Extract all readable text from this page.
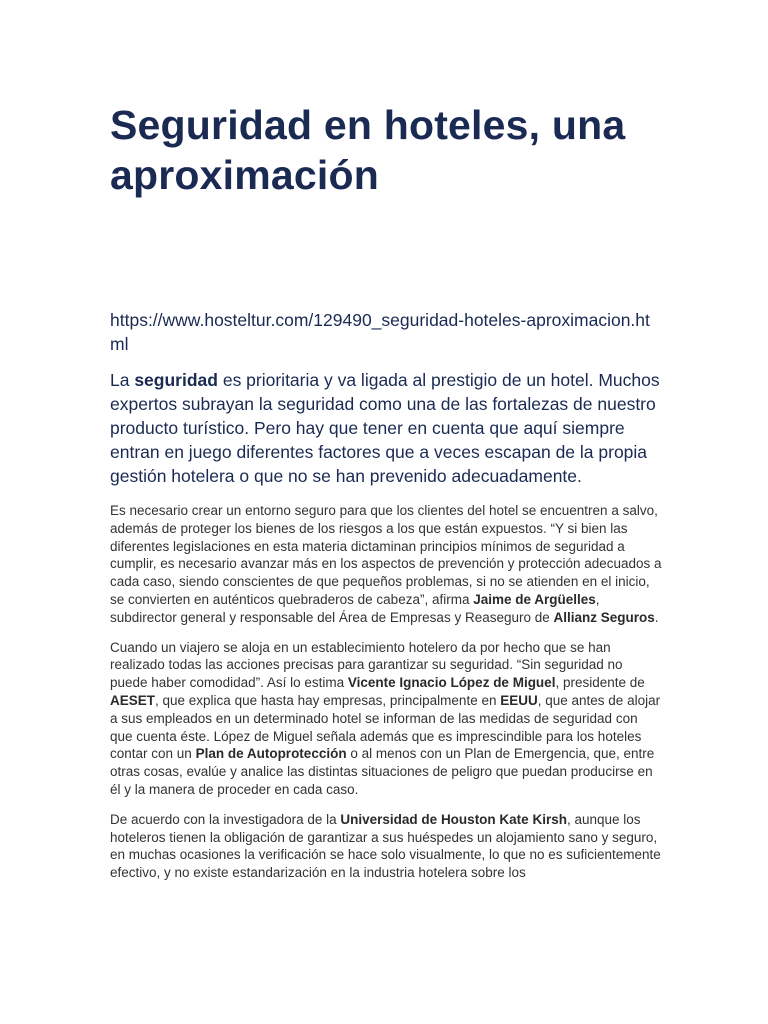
Seguridad en hoteles, una aproximación
https://www.hosteltur.com/129490_seguridad-hoteles-aproximacion.html

La seguridad es prioritaria y va ligada al prestigio de un hotel. Muchos expertos subrayan la seguridad como una de las fortalezas de nuestro producto turístico. Pero hay que tener en cuenta que aquí siempre entran en juego diferentes factores que a veces escapan de la propia gestión hotelera o que no se han prevenido adecuadamente.

Es necesario crear un entorno seguro para que los clientes del hotel se encuentren a salvo, además de proteger los bienes de los riesgos a los que están expuestos. “Y si bien las diferentes legislaciones en esta materia dictaminan principios mínimos de seguridad a cumplir, es necesario avanzar más en los aspectos de prevención y protección adecuados a cada caso, siendo conscientes de que pequeños problemas, si no se atienden en el inicio, se convierten en auténticos quebraderos de cabeza”, afirma Jaime de Argüelles, subdirector general y responsable del Área de Empresas y Reaseguro de Allianz Seguros.

Cuando un viajero se aloja en un establecimiento hotelero da por hecho que se han realizado todas las acciones precisas para garantizar su seguridad. “Sin seguridad no puede haber comodidad”. Así lo estima Vicente Ignacio López de Miguel, presidente de AESET, que explica que hasta hay empresas, principalmente en EEUU, que antes de alojar a sus empleados en un determinado hotel se informan de las medidas de seguridad con que cuenta éste. López de Miguel señala además que es imprescindible para los hoteles contar con un Plan de Autoprotección o al menos con un Plan de Emergencia, que, entre otras cosas, evalúe y analice las distintas situaciones de peligro que puedan producirse en él y la manera de proceder en cada caso.

De acuerdo con la investigadora de la Universidad de Houston Kate Kirsh, aunque los hoteleros tienen la obligación de garantizar a sus huéspedes un alojamiento sano y seguro, en muchas ocasiones la verificación se hace solo visualmente, lo que no es suficientemente efectivo, y no existe estandarización en la industria hotelera sobre los
